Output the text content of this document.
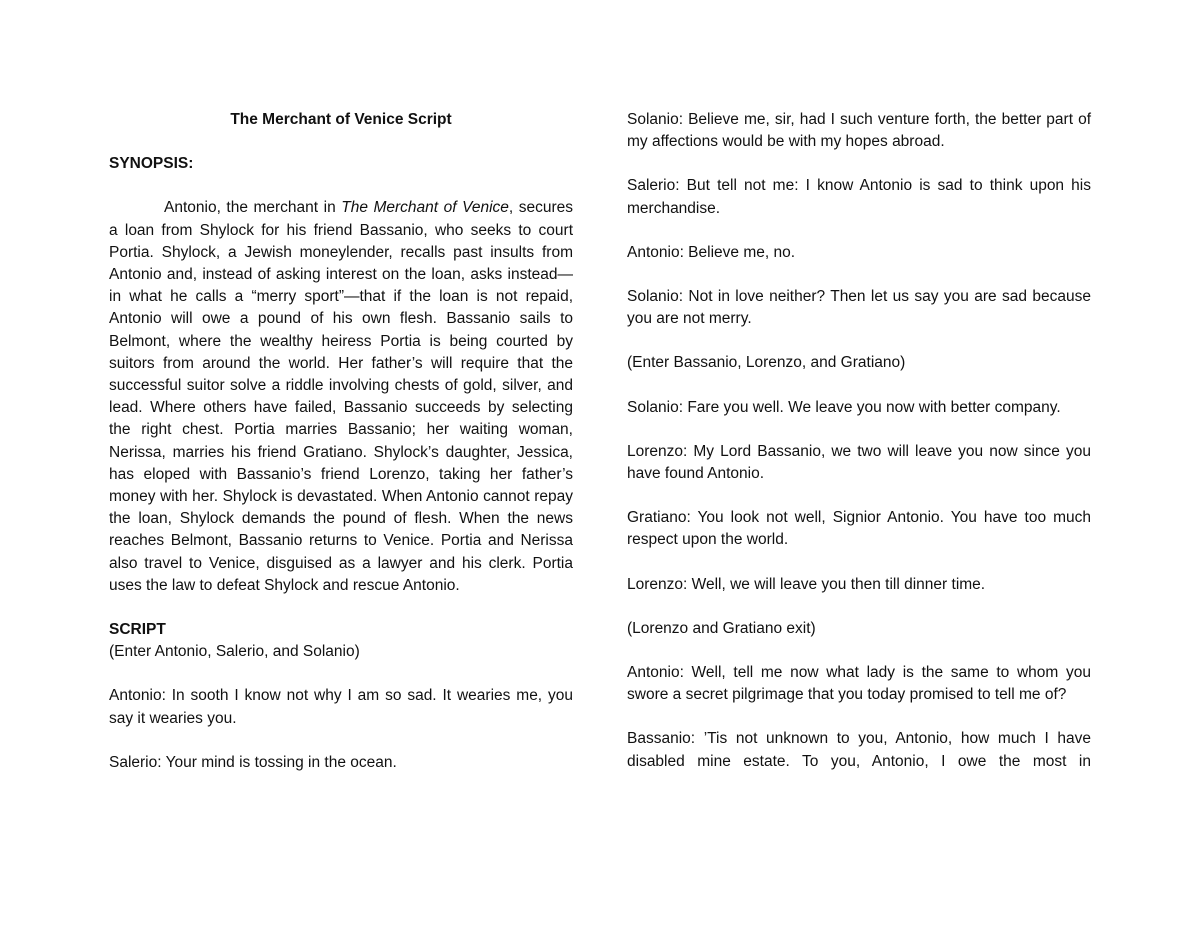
The Merchant of Venice Script

SYNOPSIS:

Antonio, the merchant in The Merchant of Venice, secures a loan from Shylock for his friend Bassanio, who seeks to court Portia. Shylock, a Jewish moneylender, recalls past insults from Antonio and, instead of asking interest on the loan, asks instead—in what he calls a “merry sport”—that if the loan is not repaid, Antonio will owe a pound of his own flesh. Bassanio sails to Belmont, where the wealthy heiress Portia is being courted by suitors from around the world. Her father’s will require that the successful suitor solve a riddle involving chests of gold, silver, and lead. Where others have failed, Bassanio succeeds by selecting the right chest. Portia marries Bassanio; her waiting woman, Nerissa, marries his friend Gratiano. Shylock’s daughter, Jessica, has eloped with Bassanio’s friend Lorenzo, taking her father’s money with her. Shylock is devastated. When Antonio cannot repay the loan, Shylock demands the pound of flesh. When the news reaches Belmont, Bassanio returns to Venice. Portia and Nerissa also travel to Venice, disguised as a lawyer and his clerk. Portia uses the law to defeat Shylock and rescue Antonio.

SCRIPT

(Enter Antonio, Salerio, and Solanio)

Antonio: In sooth I know not why I am so sad. It wearies me, you say it wearies you.

Salerio: Your mind is tossing in the ocean.

Solanio: Believe me, sir, had I such venture forth, the better part of my affections would be with my hopes abroad.

Salerio: But tell not me: I know Antonio is sad to think upon his merchandise.

Antonio: Believe me, no.

Solanio: Not in love neither? Then let us say you are sad because you are not merry.

(Enter Bassanio, Lorenzo, and Gratiano)

Solanio: Fare you well. We leave you now with better company.

Lorenzo: My Lord Bassanio, we two will leave you now since you have found Antonio.

Gratiano: You look not well, Signior Antonio. You have too much respect upon the world.

Lorenzo: Well, we will leave you then till dinner time.

(Lorenzo and Gratiano exit)

Antonio: Well, tell me now what lady is the same to whom you swore a secret pilgrimage that you today promised to tell me of?

Bassanio: ’Tis not unknown to you, Antonio, how much I have disabled mine estate. To you, Antonio, I owe the most in
